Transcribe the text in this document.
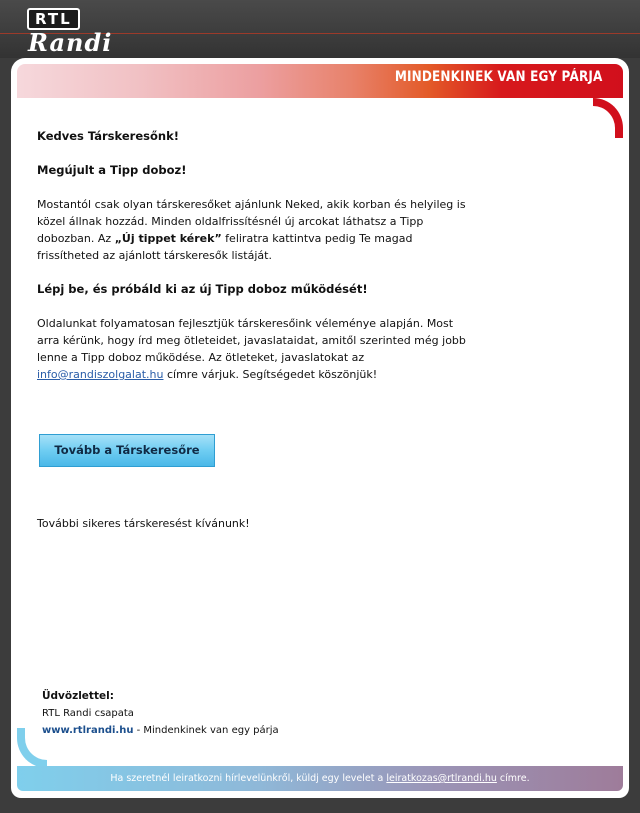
RTL
Randi
MINDENKINEK VAN EGY PÁRJA

Kedves Társkeresőnk!

Megújult a Tipp doboz!

Mostantól csak olyan társkeresőket ajánlunk Neked, akik korban és helyileg is közel állnak hozzád. Minden oldalfrissítésnél új arcokat láthatsz a Tipp dobozban. Az „Új tippet kérek” feliratra kattintva pedig Te magad frissítheted az ajánlott társkeresők listáját.

Lépj be, és próbáld ki az új Tipp doboz működését!

Oldalunkat folyamatosan fejlesztjük társkeresőink véleménye alapján. Most arra kérünk, hogy írd meg ötleteidet, javaslataidat, amitől szerinted még jobb lenne a Tipp doboz működése. Az ötleteket, javaslatokat az info@randiszolgalat.hu címre várjuk. Segítségedet köszönjük!

Tovább a Társkeresőre

További sikeres társkeresést kívánunk!

Üdvözlettel:
RTL Randi csapata
www.rtlrandi.hu - Mindenkinek van egy párja
Ha szeretnél leiratkozni hírlevelünkről, küldj egy levelet a leiratkozas@rtlrandi.hu címre.
